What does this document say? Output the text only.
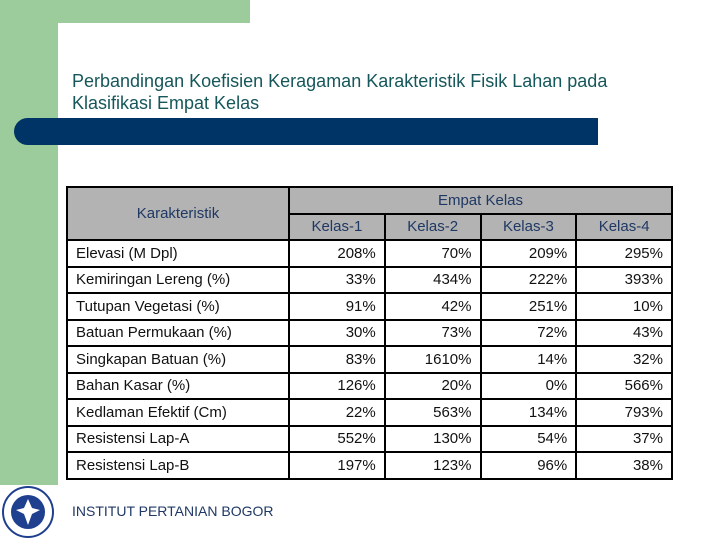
Perbandingan Koefisien Keragaman Karakteristik Fisik Lahan pada Klasifikasi Empat Kelas
Karakteristik	Empat Kelas			
	Kelas-1	Kelas-2	Kelas-3	Kelas-4
Elevasi (M Dpl)	208%	70%	209%	295%
Kemiringan Lereng (%)	33%	434%	222%	393%
Tutupan Vegetasi (%)	91%	42%	251%	10%
Batuan Permukaan (%)	30%	73%	72%	43%
Singkapan Batuan (%)	83%	1610%	14%	32%
Bahan Kasar (%)	126%	20%	0%	566%
Kedlaman Efektif (Cm)	22%	563%	134%	793%
Resistensi Lap-A	552%	130%	54%	37%
Resistensi Lap-B	197%	123%	96%	38%
INSTITUT PERTANIAN BOGOR
